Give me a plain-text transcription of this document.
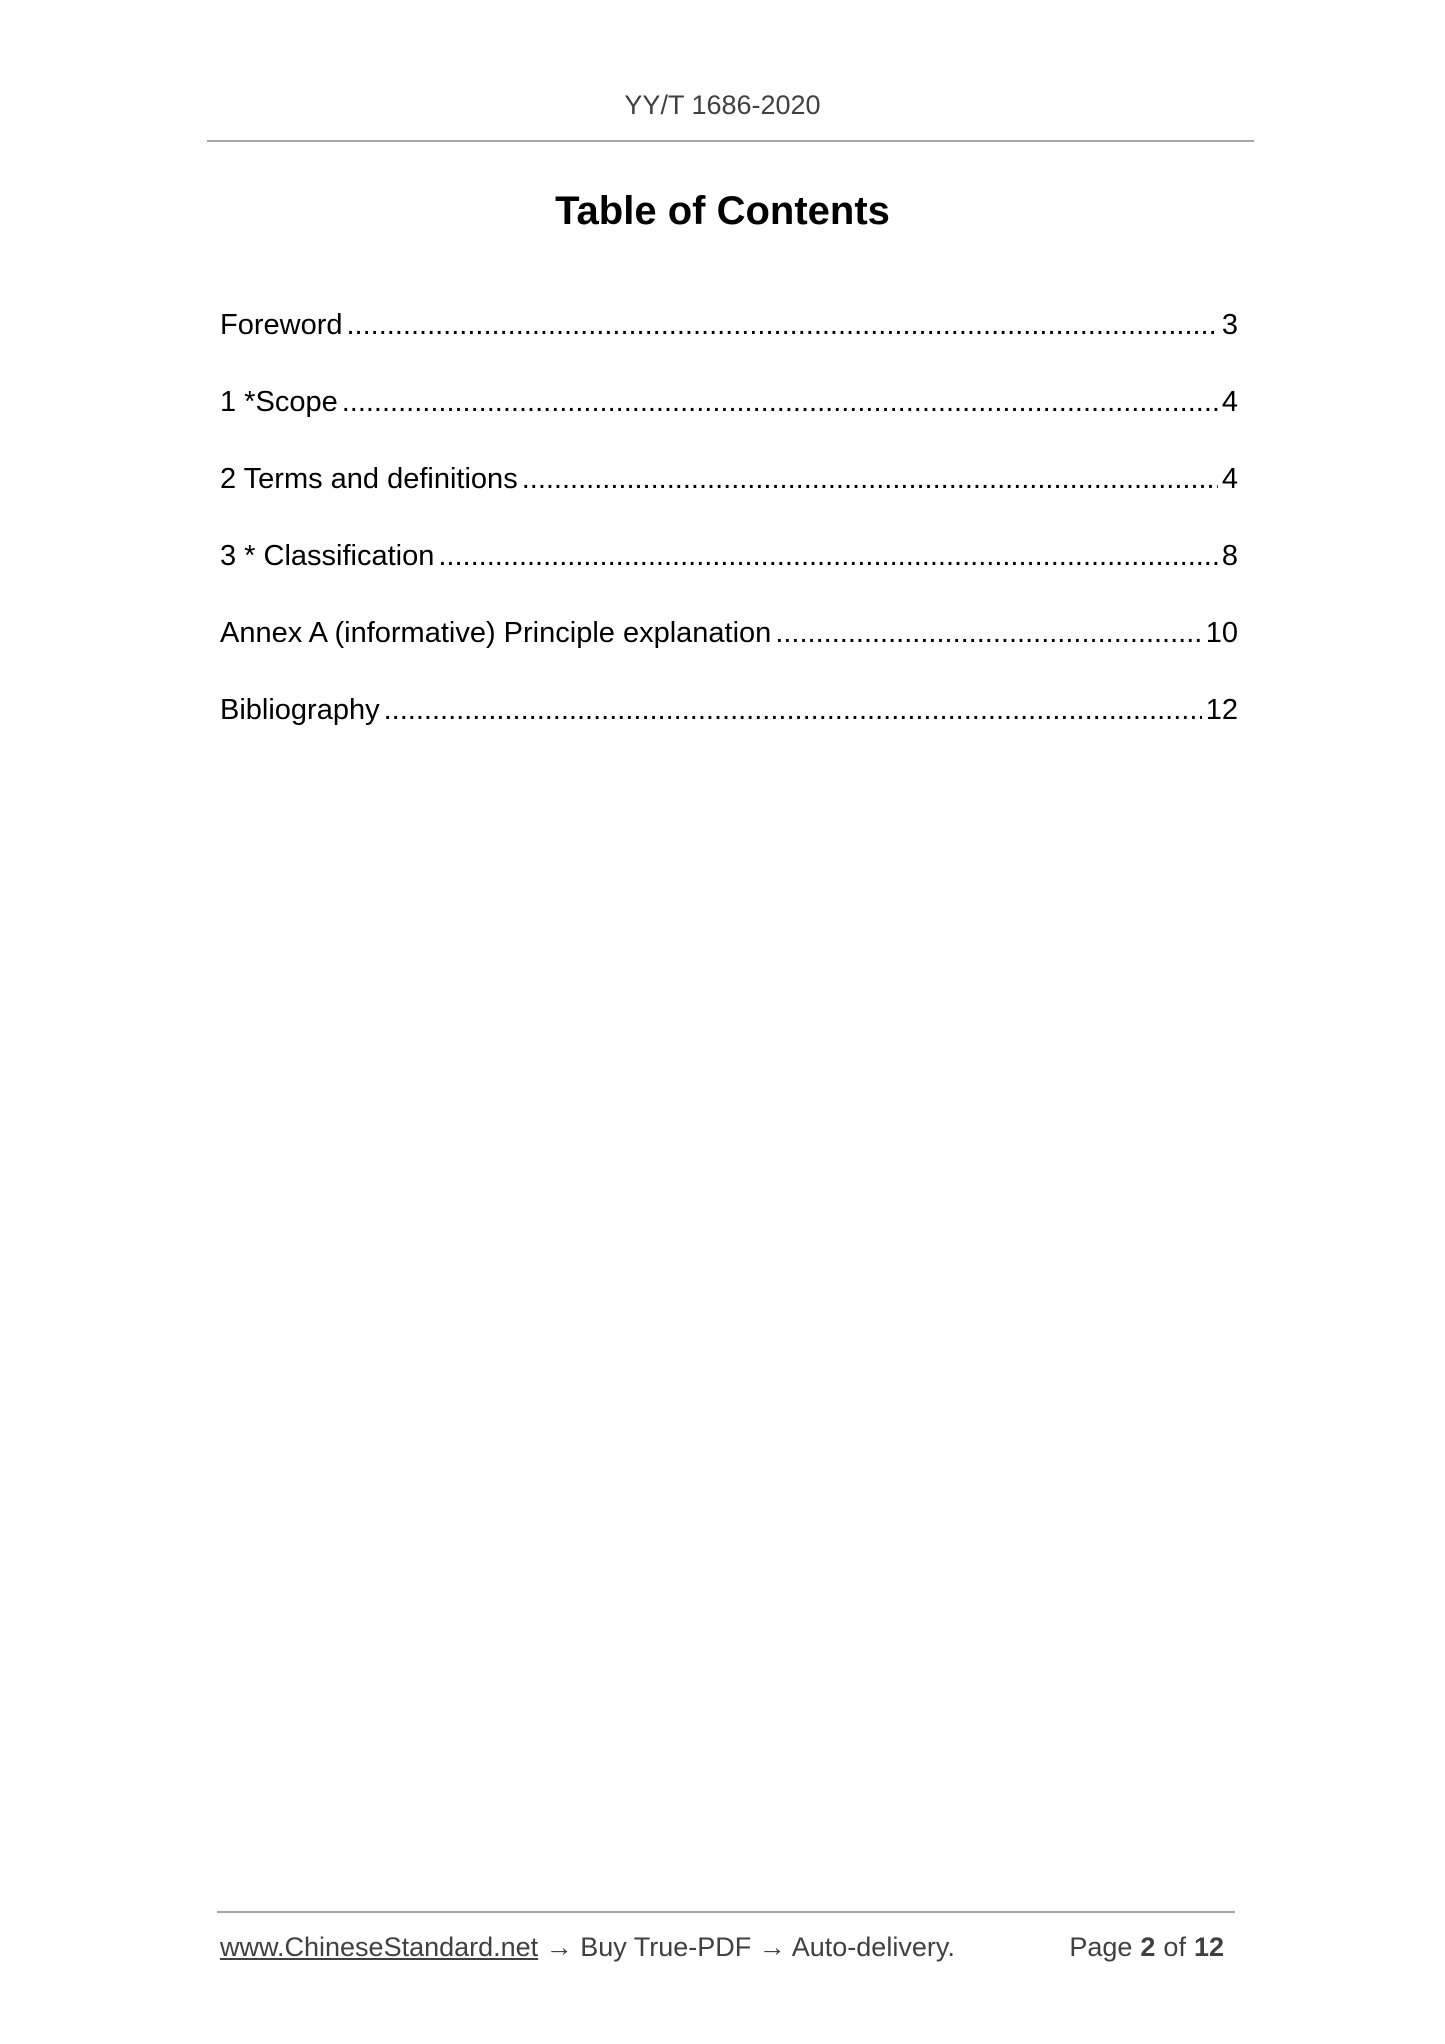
YY/T 1686-2020
Table of Contents
Foreword .....	3
1 *Scope .....	4
2 Terms and definitions .....	4
3 * Classification .....	8
Annex A (informative) Principle explanation .....	10
Bibliography .....	12
www.ChineseStandard.net → Buy True-PDF → Auto-delivery.	Page 2 of 12
